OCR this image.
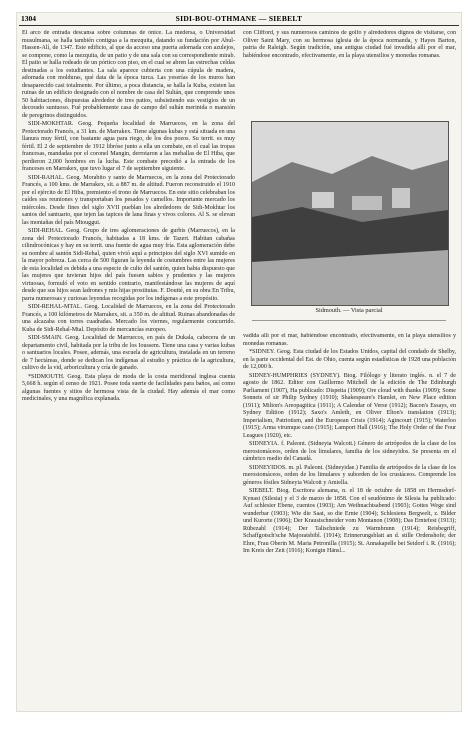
1304	SIDI-BOU-OTHMANE — SIEBELT

El arco de entrada descansa sobre columnas de ónice. La medersa, o Universidad musulmana, se halla también contigua a la mezquita, datando su fundación por Abul-Hassen-Alí, de 1347. Este edificio, al que da acceso una puerta adornada con azulejos, se compone, como la mezquita, de un patio y de una sala con su correspondiente mirab. El patio se halla rodeado de un pórtico con piso, en el cual se abren las estrechas celdas destinadas a los estudiantes. La sala aparece cubierta con una cúpula de madera, adornada con molduras, qué data de la época turca. Las yeserías de los muros han desaparecido casi totalmente. Por último, a poca distancia, se halla la Kuba, existen las ruinas de un edificio designado con el nombre de casa del Sultán, que comprende unos 50 habitaciones, dispuestas alrededor de tres patios, subsistiendo sus vestigios de un decorado suntuoso. Fué probablemente casa de campo del sultán merinida o mansión de peregrinos distinguidos.

SIDI-MOKHTAR. Geog. Pequeña localidad de Marruecos, en la zona del Protectorado Francés, a 31 km. de Marrakex. Tiene algunas kubas y está situada en una llanura muy fértil, con bastante agua para riego, de los dos pozos. Su territ. es muy fértil. El 2 de septiembre de 1912 libróse junto a ella un combate, en el cual las tropas francesas, mandadas por el coronel Mangin, derrotaron a las mehallas de El Hiba, que perdieron 2,000 hombres en la lucha. Este combate precedió a la entrada de los franceses en Marrakex, que tuvo lugar el 7 de septiembre siguiente.

SIDI-RAHAL. Geog. Morabito y santo de Marruecos, en la zona del Protectorado Francés, a 100 kms. de Marrakex, sit. a 887 m. de altitud. Fueron reconstruido el 1910 por el ejército de El Hiba, premiento el trono de Marruecos. En este sitio celebraban los caídes sus reuniones y transportaban los pesados y camellos. Importante mercado los miércoles. Desde fines del siglo XVII pueblan los alrededores de Sidi-Mokhtar los santos del santuario, que tejen las tapices de lana finas y vivos colores. Al S. se elevan las montañas del país Mtouggui.

SIDI-REHAL. Geog. Grupo de tres aglomeraciones de gurbis (Marruecos), en la zona del Protectorado Francés, habitadas a 18 kms. de Tazert. Habitan cabañas cilindrocónicas y hay en su territ. una fuente de agua muy fría. Esta aglomeración debe su nombre al santón Sidi-Rehal, quien vivió aquí a principios del siglo XVI sumido en la mayor pobreza. Las cerca de 500 figuran la leyenda de costumbres entre las mujeres de esta localidad es debida a una especie de culto del santón, quien habia dispuesto que las mujeres que tuvieran hijos del país fuesen sabios y prudentes y las mujeres virtuosas, formuló el voto en sentido contrario, manifestándose las mujeres de aquí desde que sus hijos sean ladrones y mis hijas prostitutas. F. Doutté, en su obra En Tribu, parra numerosas y curiosas leyendas recogidas por los indígenas a este propósito.

SIDI-REHAL-MTAL. Geog. Localidad de Marruecos, en la zona del Protectorado Francés, a 100 kilómetros de Marrakex, sit. a 350 m. de altitud. Ruinas abandonadas de una alcazaba con torres cuadradas. Mercado los viernes, regularmente concurrido. Kuba de Sidi-Rehal-Mtal. Depósito de mercancías europeo.

SIDI-SMAIN. Geog. Localidad de Marruecos, en país de Dukala, cabecera de un departamento civil, habitada por la tribu de los Ioussem. Tiene una casa y varias kubas o santuarios locales. Posee, además, una escuela de agricultura, instalada en un terreno de 7 hectáreas, donde se dedican los indígenas al estudio y práctica de la agricultura, cultivo de la vid, arboricultura y cría de ganado.

*SIDMOUTH. Geog. Esta playa de moda de la costa meridional inglesa cuenta 5,668 h. según el censo de 1921. Posee toda suerte de facilidades para baños, así como algunas fuentes y sitios de hermosa vista de la ciudad. Hay además el mar como medicinales, y una magnífica explanada.

con Clifford, y sus numerosos caminos de golfo y alrededores dignos de visitarse, con Oliver Saint Mary, con su hermosa iglesia de la época normanda, y Hayes Barton, patria de Raleigh. Según tradición, una antigua ciudad fué invadida allí por el mar, habiéndose encontrado, efectivamente, en la playa utensilios y monedas romanas.

Sidmouth. — Vista parcial

vadida allí por el mar, habiéndose encontrado, efectivamente, en la playa utensilios y monedas romanas.

*SIDNEY. Geog. Esta ciudad de los Estados Unidos, capital del condado de Shelby, en la parte occidental del Est. de Ohio, cuenta según estadísticas de 1928 una población de 12,000 h.

SIDNEY-HUMPHRIES (SYDNEY). Biog. Filólogo y literato inglés. n. el 7 de agosto de 1862. Editor con Guillermo Mitchell de la edición de The Edinburgh Parliament (1907), Ha publicado: Dispetia (1909); Ore cloud with thanks (1909); Some Sonnets of sir Philip Sydney (1910); Shakespeare's Hamlet, en New Place edition (1911); Milton's Areopagitica (1911); A Calendar of Verse (1912); Bacon's Essays, en Sydney Edition (1912); Saxo's Amleth, en Oliver Elton's translation (1913); Imperialism, Patriotism, and the European Crisis (1914); Agincourt (1915); Waterloo (1915); Arma virumque cano (1915); Lamport Hall (1916); The Holy Order of the Four Leagues (1920), etc.

SIDNEYIA. f. Paleont. (Sidneyia Walcott.) Género de artrópodos de la clase de los merostomáceos, orden de los limulares, familia de los sidneyidos. Se presenta en el cámbrico medio del Canadá.

SIDNEYIDOS. m. pl. Paleont. (Sidneyidae.) Familia de artrópodos de la clase de los merostomáceos, orden de los limulares y suborden de los crustáceos. Comprende los géneros fósiles Sidneyia Walcott y Amiella.

SIEBELT. Biog. Escritora alemana, n. el 18 de octubre de 1858 en Hermsdorf-Kynast (Silesia) y el 3 de marzo de 1858. Con el seudónimo de Silesia ha publicado: Auf schlesier Ebene, cuentos (1903); Am Weihnachtsabend (1903); Gottes Wege sind wunderbar (1903); Wie die Saat, so die Ernte (1904); Schlesiens Bergwelt, z. Bilder und Kurorte (1906); Der Kraustschneider vom Montanon (1908); Das Erntefest (1913); Rübezahl (1914); Der Talischniede zu Warmbrunn (1914); Reisbegriff, Schaffgotsch'sche Majoratsbibl. (1914); Erinnerungsblatt an d. stille Ordenshofe; der Ehre, Frau Oberin M. Maria Petronilla (1915); St. Annakapelle bei Seidorf i. R. (1916); Im Kreis der Zeit (1916); Konigin Hänsl...
